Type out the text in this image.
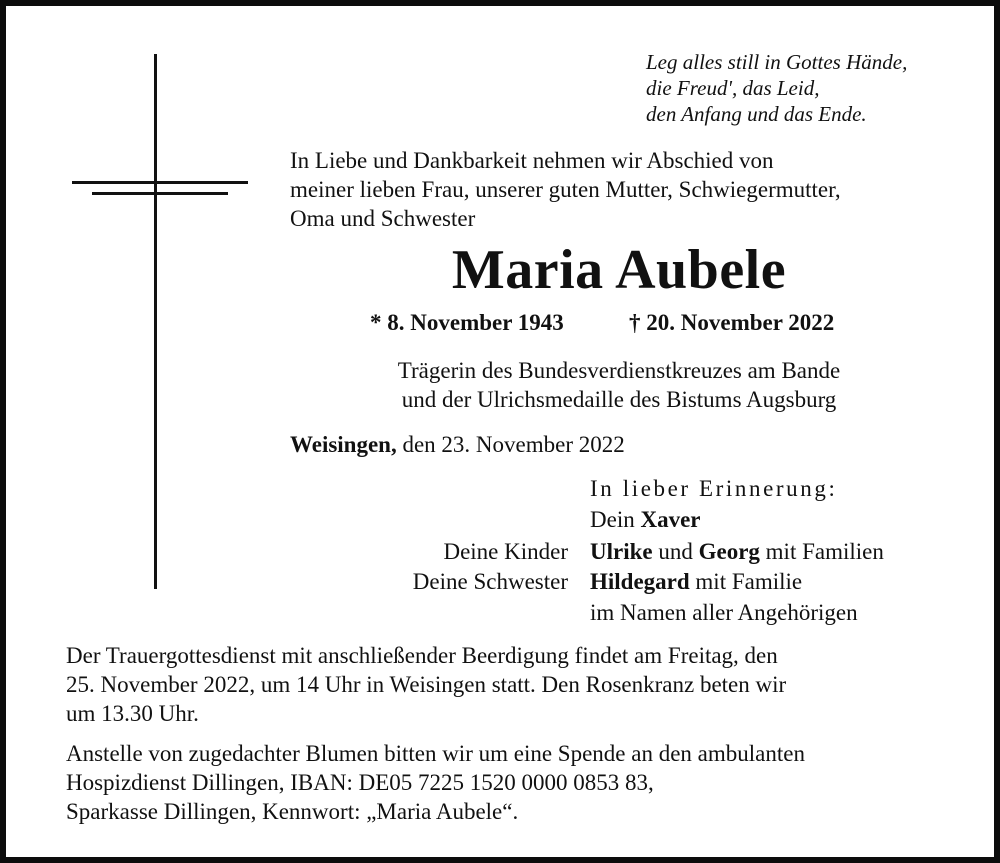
Leg alles still in Gottes Hände,
die Freud', das Leid,
den Anfang und das Ende.
In Liebe und Dankbarkeit nehmen wir Abschied von
meiner lieben Frau, unserer guten Mutter, Schwiegermutter,
Oma und Schwester
Maria Aubele
* 8. November 1943	† 20. November 2022
Trägerin des Bundesverdienstkreuzes am Bande
und der Ulrichsmedaille des Bistums Augsburg
Weisingen, den 23. November 2022
In lieber Erinnerung:
Dein Xaver
Deine Kinder Ulrike und Georg mit Familien
Deine Schwester Hildegard mit Familie
im Namen aller Angehörigen

Der Trauergottesdienst mit anschließender Beerdigung findet am Freitag, den
25. November 2022, um 14 Uhr in Weisingen statt. Den Rosenkranz beten wir
um 13.30 Uhr.

Anstelle von zugedachter Blumen bitten wir um eine Spende an den ambulanten
Hospizdienst Dillingen, IBAN: DE05 7225 1520 0000 0853 83,
Sparkasse Dillingen, Kennwort: „Maria Aubele“.
